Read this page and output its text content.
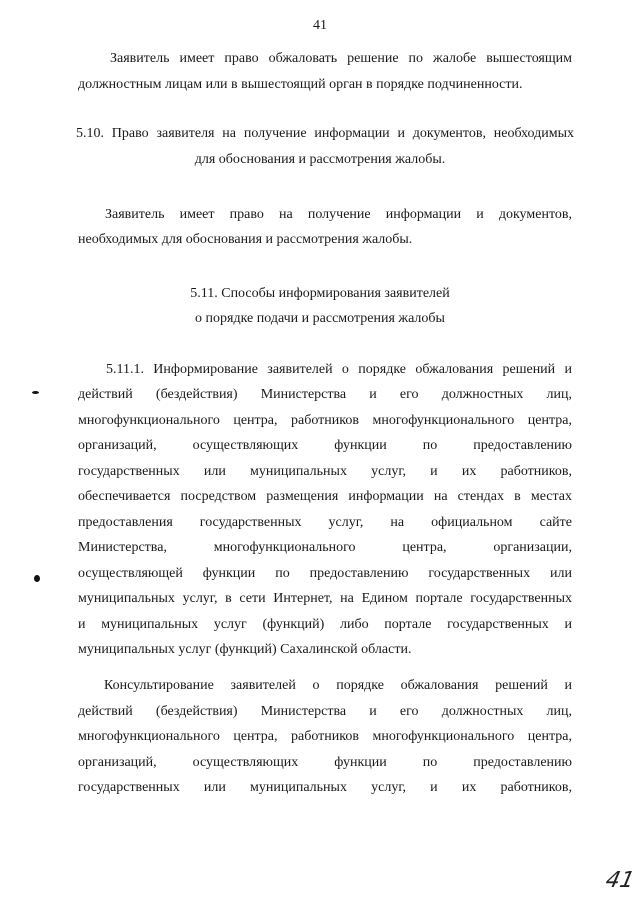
41
Заявитель имеет право обжаловать решение по жалобе вышестоящим
должностным лицам или в вышестоящий орган в порядке подчиненности.
5.10. Право заявителя на получение информации и документов, необходимых
для обоснования и рассмотрения жалобы.
Заявитель имеет право на получение информации и документов,
необходимых для обоснования и рассмотрения жалобы.
5.11. Способы информирования заявителей
о порядке подачи и рассмотрения жалобы
5.11.1. Информирование заявителей о порядке обжалования решений и
действий (бездействия) Министерства и его должностных лиц,
многофункционального центра, работников многофункционального центра,
организаций, осуществляющих функции по предоставлению
государственных или муниципальных услуг, и их работников,
обеспечивается посредством размещения информации на стендах в местах
предоставления государственных услуг, на официальном сайте
Министерства, многофункционального центра, организации,
осуществляющей функции по предоставлению государственных или
муниципальных услуг, в сети Интернет, на Едином портале государственных
и муниципальных услуг (функций) либо портале государственных и
муниципальных услуг (функций) Сахалинской области.
Консультирование заявителей о порядке обжалования решений и
действий (бездействия) Министерства и его должностных лиц,
многофункционального центра, работников многофункционального центра,
организаций, осуществляющих функции по предоставлению
государственных или муниципальных услуг, и их работников,
41
